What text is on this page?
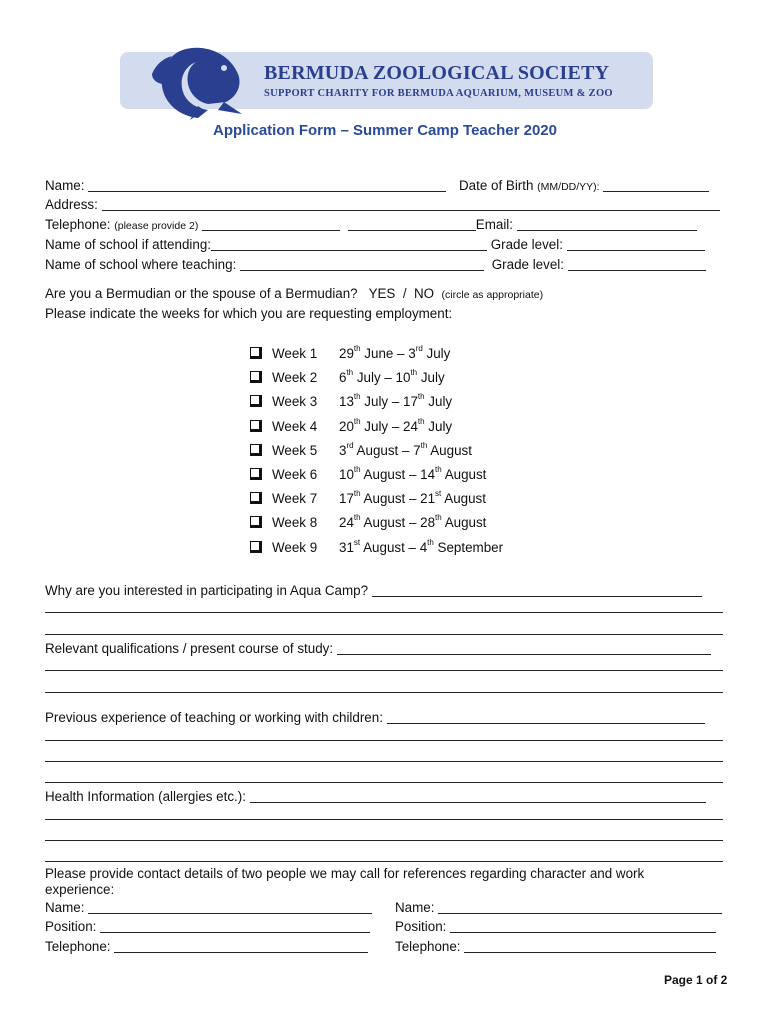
BERMUDA ZOOLOGICAL SOCIETY
SUPPORT CHARITY FOR BERMUDA AQUARIUM, MUSEUM & ZOO
Application Form – Summer Camp Teacher 2020
Name:	Date of Birth (MM/DD/YY):
Address:
Telephone: (please provide 2)	Email:
Name of school if attending:	Grade level:
Name of school where teaching:	Grade level:
Are you a Bermudian or the spouse of a Bermudian? YES / NO (circle as appropriate)
Please indicate the weeks for which you are requesting employment:
Week 1 29th June – 3rd July
Week 2 6th July – 10th July
Week 3 13th July – 17th July
Week 4 20th July – 24th July
Week 5 3rd August – 7th August
Week 6 10th August – 14th August
Week 7 17th August – 21st August
Week 8 24th August – 28th August
Week 9 31st August – 4th September
Why are you interested in participating in Aqua Camp?
Relevant qualifications / present course of study:
Previous experience of teaching or working with children:
Health Information (allergies etc.):
Please provide contact details of two people we may call for references regarding character and work
experience:
Name:
Position:
Telephone:
Name:
Position:
Telephone:
Page 1 of 2
